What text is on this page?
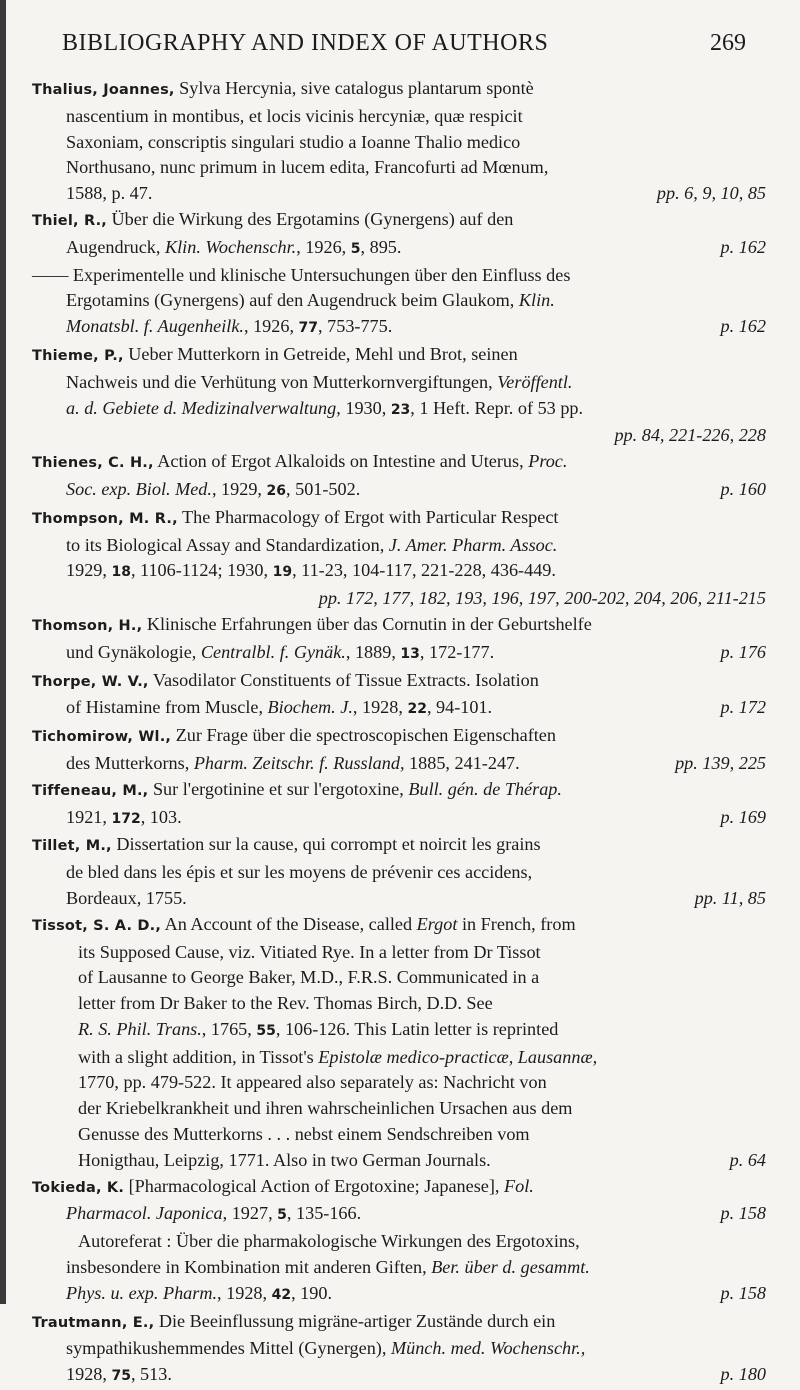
BIBLIOGRAPHY AND INDEX OF AUTHORS	269
Thalius, Joannes, Sylva Hercynia, sive catalogus plantarum spontè
nascentium in montibus, et locis vicinis hercyniæ, quæ respicit
Saxoniam, conscriptis singulari studio a Ioanne Thalio medico
Northusano, nunc primum in lucem edita, Francofurti ad Mœnum,
1588, p. 47.	pp. 6, 9, 10, 85
Thiel, R., Über die Wirkung des Ergotamins (Gynergens) auf den
Augendruck, Klin. Wochenschr., 1926, 5, 895.	p. 162
—— Experimentelle und klinische Untersuchungen über den Einfluss des
Ergotamins (Gynergens) auf den Augendruck beim Glaukom, Klin.
Monatsbl. f. Augenheilk., 1926, 77, 753-775.	p. 162
Thieme, P., Ueber Mutterkorn in Getreide, Mehl und Brot, seinen
Nachweis und die Verhütung von Mutterkornvergiftungen, Veröffentl.
a. d. Gebiete d. Medizinalverwaltung, 1930, 23, 1 Heft. Repr. of 53 pp.
pp. 84, 221-226, 228
Thienes, C. H., Action of Ergot Alkaloids on Intestine and Uterus, Proc.
Soc. exp. Biol. Med., 1929, 26, 501-502.	p. 160
Thompson, M. R., The Pharmacology of Ergot with Particular Respect
to its Biological Assay and Standardization, J. Amer. Pharm. Assoc.
1929, 18, 1106-1124; 1930, 19, 11-23, 104-117, 221-228, 436-449.
pp. 172, 177, 182, 193, 196, 197, 200-202, 204, 206, 211-215
Thomson, H., Klinische Erfahrungen über das Cornutin in der Geburtshelfe
und Gynäkologie, Centralbl. f. Gynäk., 1889, 13, 172-177.	p. 176
Thorpe, W. V., Vasodilator Constituents of Tissue Extracts. Isolation
of Histamine from Muscle, Biochem. J., 1928, 22, 94-101.	p. 172
Tichomirow, Wl., Zur Frage über die spectroscopischen Eigenschaften
des Mutterkorns, Pharm. Zeitschr. f. Russland, 1885, 241-247.	pp. 139, 225
Tiffeneau, M., Sur l'ergotinine et sur l'ergotoxine, Bull. gén. de Thérap.
1921, 172, 103.	p. 169
Tillet, M., Dissertation sur la cause, qui corrompt et noircit les grains
de bled dans les épis et sur les moyens de prévenir ces accidens,
Bordeaux, 1755.	pp. 11, 85
Tissot, S. A. D., An Account of the Disease, called Ergot in French, from
its Supposed Cause, viz. Vitiated Rye. In a letter from Dr Tissot
of Lausanne to George Baker, M.D., F.R.S. Communicated in a
letter from Dr Baker to the Rev. Thomas Birch, D.D. See
R. S. Phil. Trans., 1765, 55, 106-126. This Latin letter is reprinted
with a slight addition, in Tissot's Epistolæ medico-practicæ, Lausannæ,
1770, pp. 479-522. It appeared also separately as: Nachricht von
der Kriebelkrankheit und ihren wahrscheinlichen Ursachen aus dem
Genusse des Mutterkorns . . . nebst einem Sendschreiben vom
Honigthau, Leipzig, 1771. Also in two German Journals.	p. 64
Tokieda, K. [Pharmacological Action of Ergotoxine; Japanese], Fol.
Pharmacol. Japonica, 1927, 5, 135-166.	p. 158
Autoreferat : Über die pharmakologische Wirkungen des Ergotoxins,
insbesondere in Kombination mit anderen Giften, Ber. über d. gesammt.
Phys. u. exp. Pharm., 1928, 42, 190.	p. 158
Trautmann, E., Die Beeinflussung migräne-artiger Zustände durch ein
sympathikushemmendes Mittel (Gynergen), Münch. med. Wochenschr.,
1928, 75, 513.	p. 180
